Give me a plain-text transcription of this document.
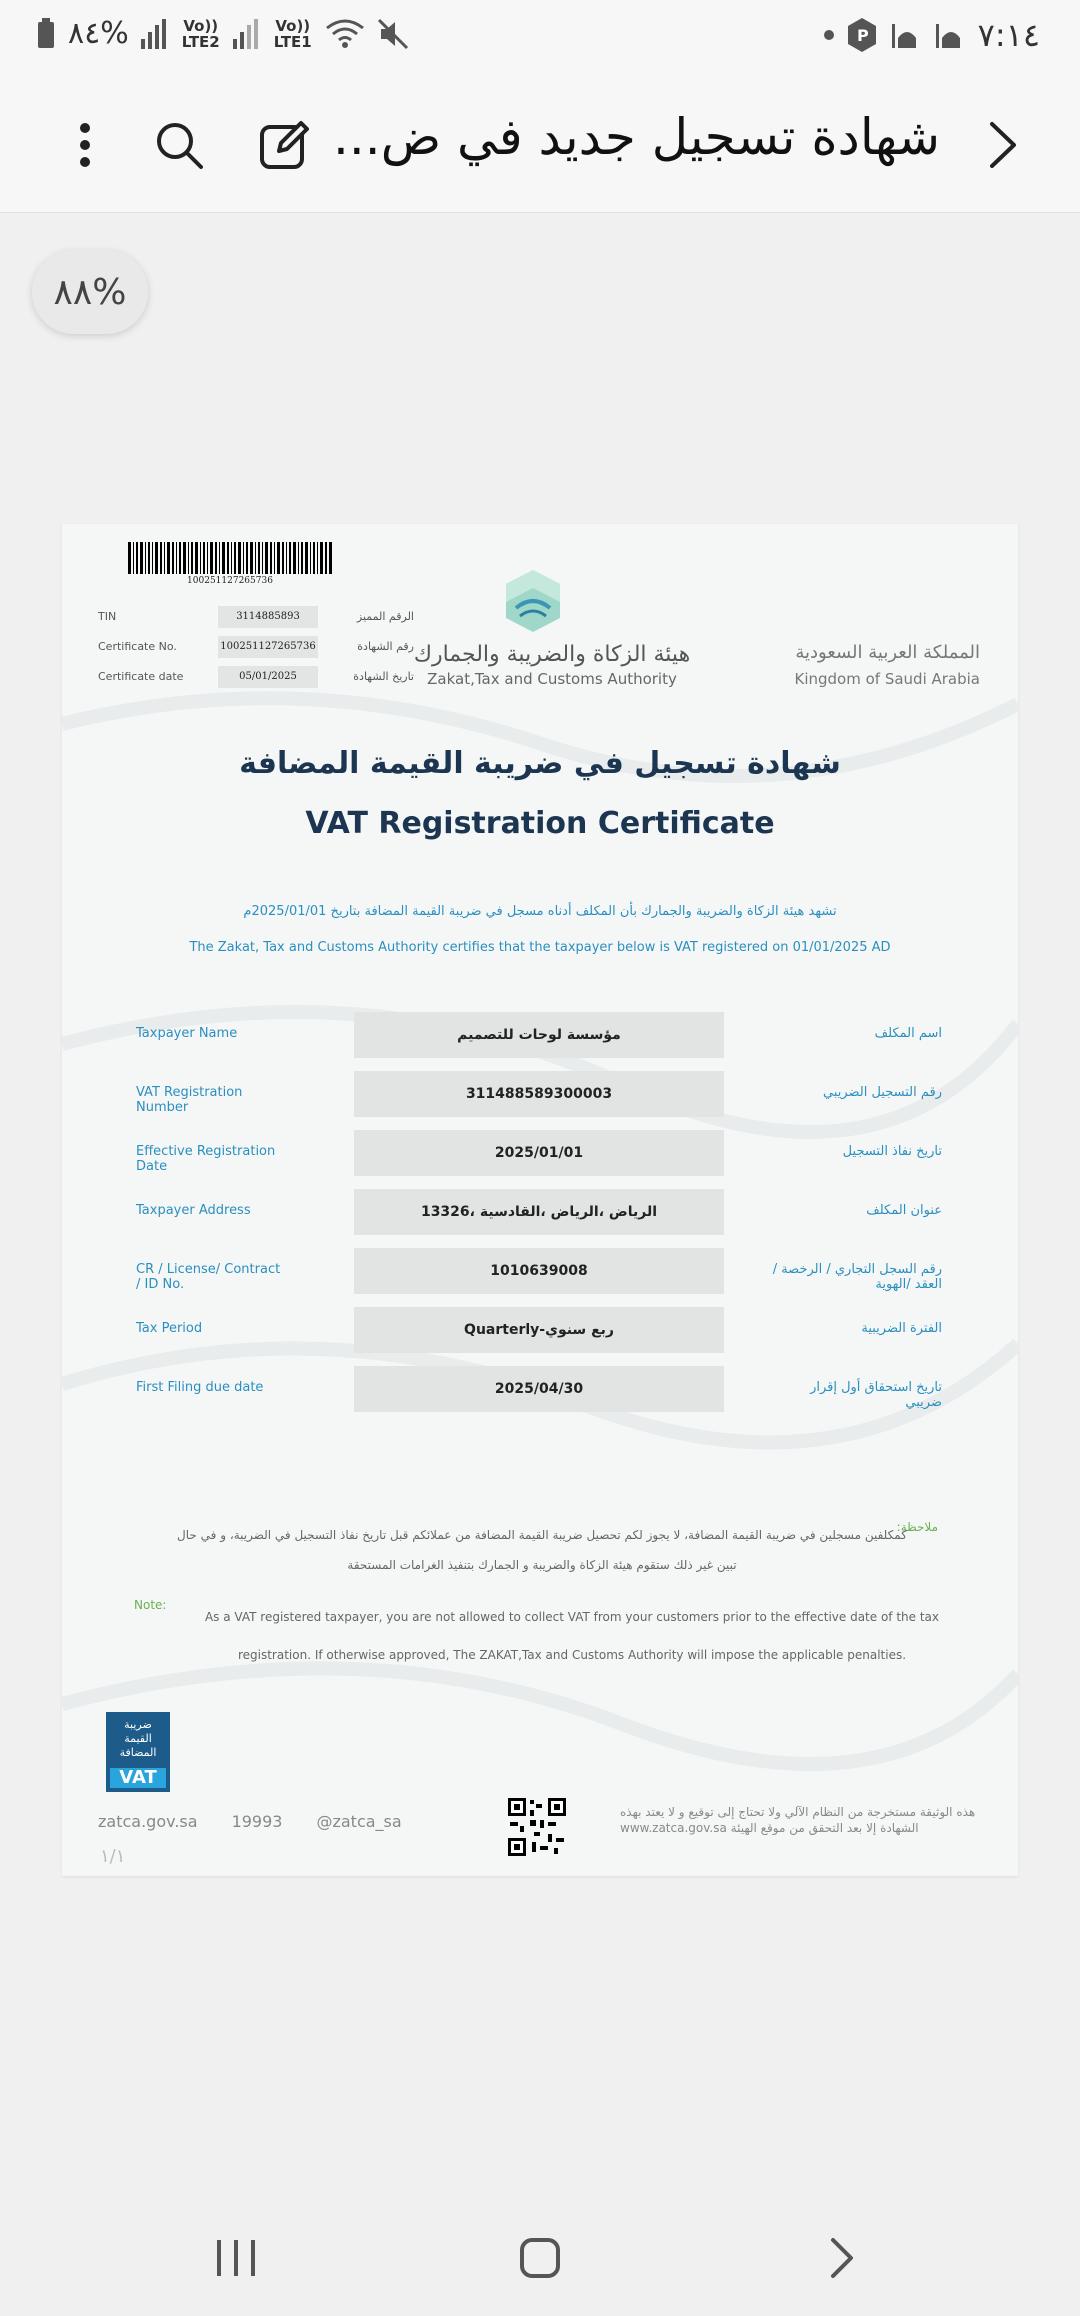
٨٤%	Vo)) LTE2
Vo)) LTE1	P	٧:١٤
شهادة تسجيل جديد في ض...
٨٨%
100251127265736
TIN	3114885893	الرقم المميز
Certificate No.	100251127265736	رقم الشهادة
Certificate date	05/01/2025	تاريخ الشهادة
هيئة الزكاة والضريبة والجمارك
Zakat,Tax and Customs Authority
المملكة العربية السعودية
Kingdom of Saudi Arabia
شهادة تسجيل في ضريبة القيمة المضافة
VAT Registration Certificate
تشهد هيئة الزكاة والضريبة والجمارك بأن المكلف أدناه مسجل في ضريبة القيمة المضافة بتاريخ 2025/01/01م
The Zakat, Tax and Customs Authority certifies that the taxpayer below is VAT registered on 01/01/2025 AD
Taxpayer Name	مؤسسة لوحات للتصميم	اسم المكلف
VAT Registration Number
311488589300003	رقم التسجيل الضريبي
Effective Registration Date
2025/01/01	تاريخ نفاذ التسجيل
Taxpayer Address	الرياض ،الرياض ،القادسية ،13326	عنوان المكلف
CR / License/ Contract / ID No.
1010639008	رقم السجل التجاري / الرخصة / العقد /الهوية
Tax Period	ربع سنوي-Quarterly	الفترة الضريبية
First Filing due date	2025/04/30	تاريخ استحقاق أول إقرار ضريبي
ملاحظة:
كمكلفين مسجلين في ضريبة القيمة المضافة، لا يجوز لكم تحصيل ضريبة القيمة المضافة من عملائكم قبل تاريخ نفاذ التسجيل في الضريبة، و في حال تبين غير ذلك ستقوم هيئة الزكاة والضريبة و الجمارك بتنفيذ الغرامات المستحقة
Note:
As a VAT registered taxpayer, you are not allowed to collect VAT from your customers prior to the effective date of the tax registration. If otherwise approved, The ZAKAT,Tax and Customs Authority will impose the applicable penalties.
ضريبة القيمة المضافة
VAT
zatca.gov.sa 19993 @zatca_sa	هذه الوثيقة مستخرجة من النظام الآلي ولا تحتاج إلى توقيع و لا يعتد بهذه الشهادة إلا بعد التحقق من موقع الهيئة www.zatca.gov.sa
١/١
